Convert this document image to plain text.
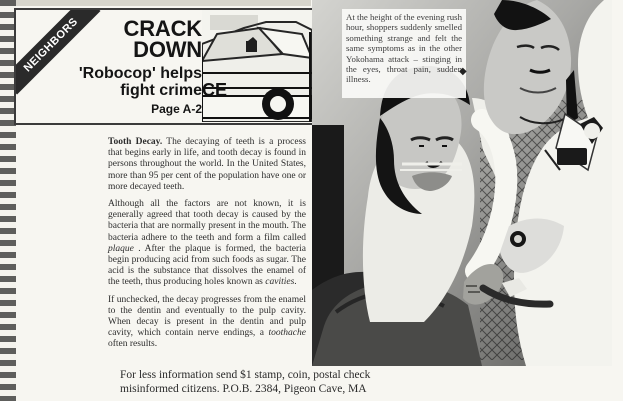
NEIGHBORS	CRACK
DOWN
'Robocop' helps
fight crime
Page A-2
CE

Tooth Decay. The decaying of teeth is a process that begins early in life, and tooth decay is found in persons throughout the world. In the United States, more than 95 per cent of the population have one or more decayed teeth.

Although all the factors are not known, it is generally agreed that tooth decay is caused by the bacteria that are normally present in the mouth. The bacteria adhere to the teeth and form a film called plaque . After the plaque is formed, the bacteria begin producing acid from such foods as sugar. The acid is the substance that dissolves the enamel of the teeth, thus producing holes known as cavities.

If unchecked, the decay progresses from the enamel to the dentin and eventually to the pulp cavity. When decay is present in the dentin and pulp cavity, which contain nerve endings, a toothache often results.

At the height of the evening rush hour, shoppers suddenly smelled something strange and felt the same symptoms as in the other Yokohama attack – stinging in the eyes, throat pain, sudden illness.
◆
For less information send $1 stamp, coin, postal check
misinformed citizens. P.O.B. 2384, Pigeon Cave, MA
